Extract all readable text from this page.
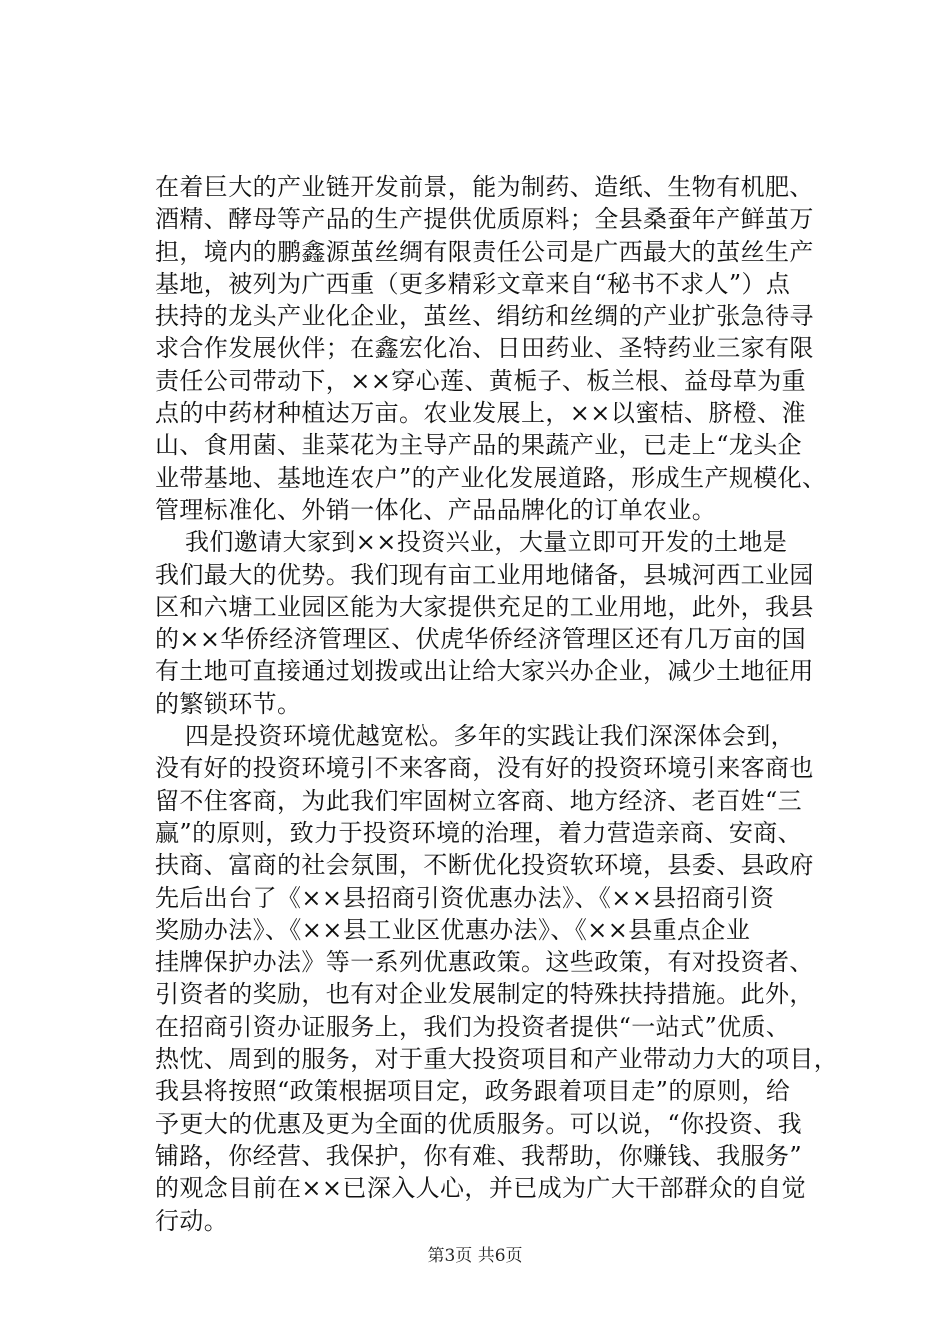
在着巨大的产业链开发前景，能为制药、造纸、生物有机肥、
酒精、酵母等产品的生产提供优质原料；全县桑蚕年产鲜茧万
担，境内的鹏鑫源茧丝绸有限责任公司是广西最大的茧丝生产
基地，被列为广西重（更多精彩文章来自“秘书不求人”）点
扶持的龙头产业化企业，茧丝、绢纺和丝绸的产业扩张急待寻
求合作发展伙伴；在鑫宏化冶、日田药业、圣特药业三家有限
责任公司带动下，××穿心莲、黄栀子、板兰根、益母草为重
点的中药材种植达万亩。农业发展上，××以蜜桔、脐橙、淮
山、食用菌、韭菜花为主导产品的果蔬产业，已走上“龙头企
业带基地、基地连农户”的产业化发展道路，形成生产规模化、
管理标准化、外销一体化、产品品牌化的订单农业。
我们邀请大家到××投资兴业，大量立即可开发的土地是
我们最大的优势。我们现有亩工业用地储备，县城河西工业园
区和六塘工业园区能为大家提供充足的工业用地，此外，我县
的××华侨经济管理区、伏虎华侨经济管理区还有几万亩的国
有土地可直接通过划拨或出让给大家兴办企业，减少土地征用
的繁锁环节。
四是投资环境优越宽松。多年的实践让我们深深体会到，
没有好的投资环境引不来客商，没有好的投资环境引来客商也
留不住客商，为此我们牢固树立客商、地方经济、老百姓“三
赢”的原则，致力于投资环境的治理，着力营造亲商、安商、
扶商、富商的社会氛围，不断优化投资软环境，县委、县政府
先后出台了《××县招商引资优惠办法》、《××县招商引资
奖励办法》、《××县工业区优惠办法》、《××县重点企业
挂牌保护办法》等一系列优惠政策。这些政策，有对投资者、
引资者的奖励，也有对企业发展制定的特殊扶持措施。此外，
在招商引资办证服务上，我们为投资者提供“一站式”优质、
热忱、周到的服务，对于重大投资项目和产业带动力大的项目，
我县将按照“政策根据项目定，政务跟着项目走”的原则，给
予更大的优惠及更为全面的优质服务。可以说，“你投资、我
铺路，你经营、我保护，你有难、我帮助，你赚钱、我服务”
的观念目前在××已深入人心，并已成为广大干部群众的自觉
行动。
第3页 共6页
